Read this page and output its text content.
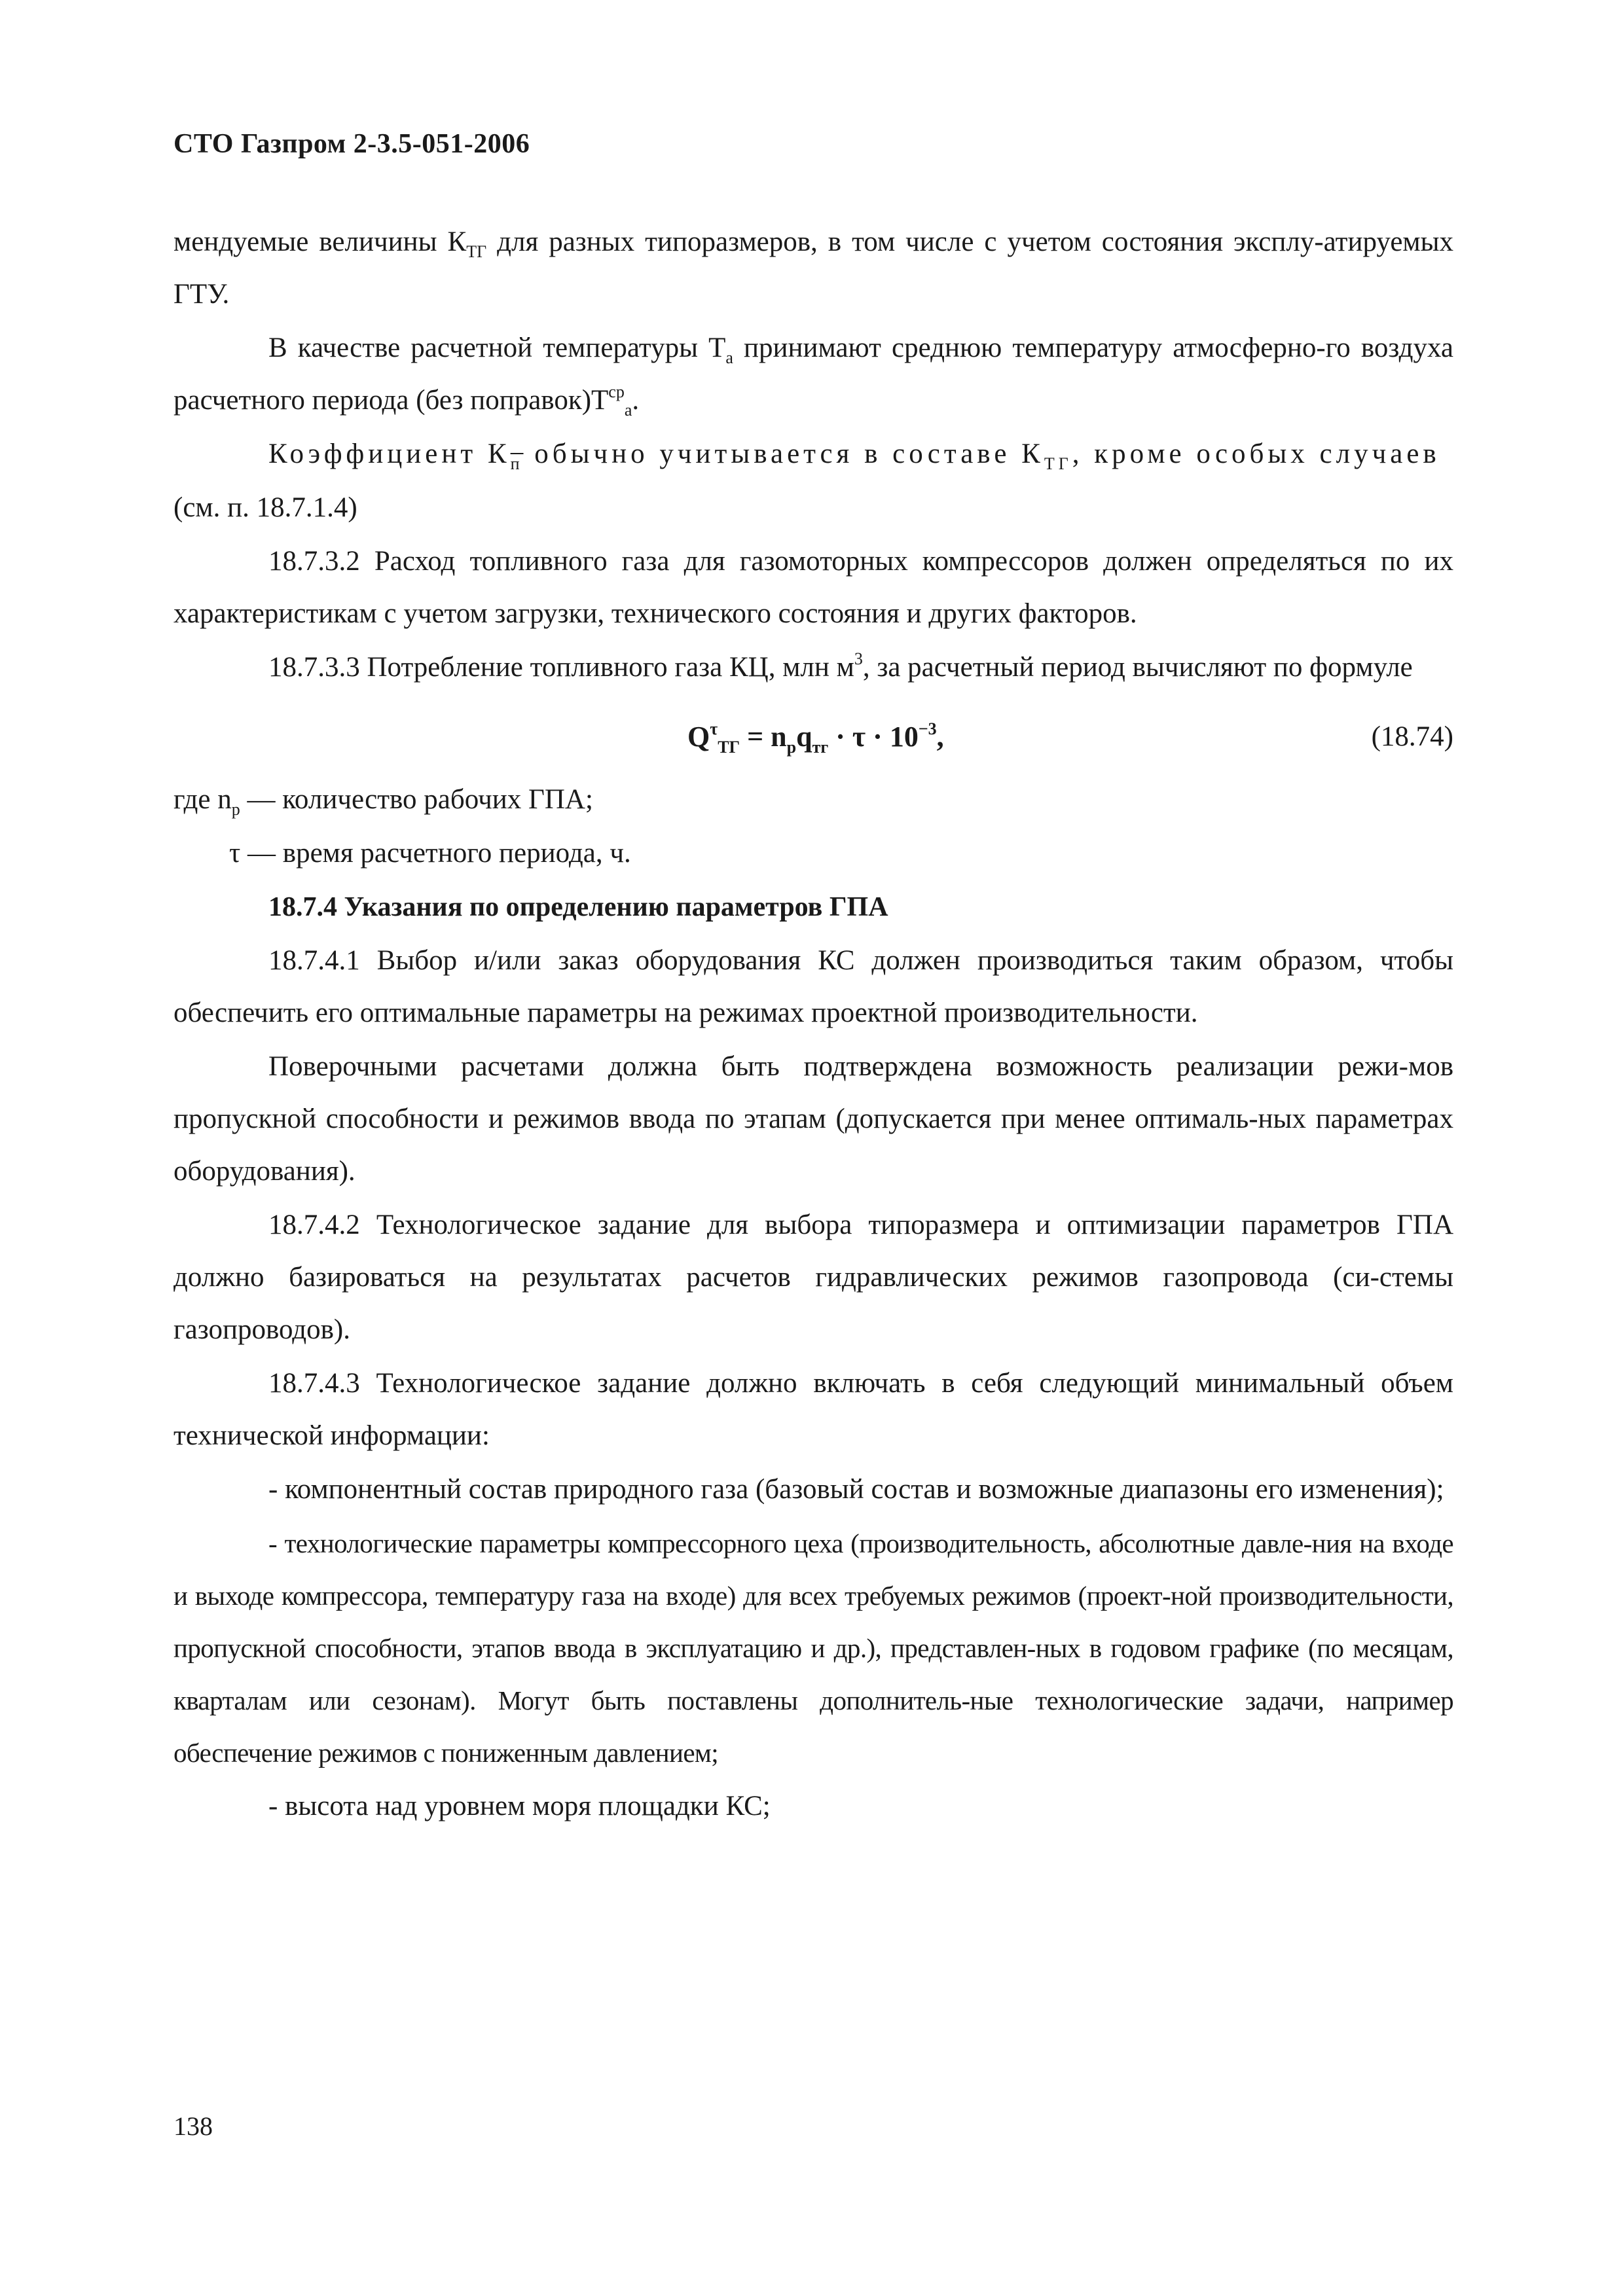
СТО Газпром 2-3.5-051-2006

мендуемые величины $К_{ТГ}$ для разных типоразмеров, в том числе с учетом состояния эксплу-атируемых ГТУ.

В качестве расчетной температуры $Т_а$ принимают среднюю температуру атмосферно-го воздуха расчетного периода (без $поправок)Т^{ср}_а$.

Коэффициент $К_п$ обычно учитывается в составе $К_{ТГ}$, кроме особых случаев

(см. п. 18.7.1.4)

18.7.3.2 Расход топливного газа для газомоторных компрессоров должен определяться по их характеристикам с учетом загрузки, технического состояния и других факторов.

18.7.3.3 Потребление топливного газа КЦ, млн $м^3$, за расчетный период вычисляют по формуле

$Q^\tau_{ТГ} = n_рq_{тг} \cdot \tau \cdot 10^{-3}$,	(18.74)

где $n_р$ — количество рабочих ГПА;

τ — время расчетного периода, ч.

18.7.4 Указания по определению параметров ГПА

18.7.4.1 Выбор и/или заказ оборудования КС должен производиться таким образом, чтобы обеспечить его оптимальные параметры на режимах проектной производительности.

Поверочными расчетами должна быть подтверждена возможность реализации режи-мов пропускной способности и режимов ввода по этапам (допускается при менее оптималь-ных параметрах оборудования).

18.7.4.2 Технологическое задание для выбора типоразмера и оптимизации параметров ГПА должно базироваться на результатах расчетов гидравлических режимов газопровода (си-стемы газопроводов).

18.7.4.3 Технологическое задание должно включать в себя следующий минимальный объем технической информации:

- компонентный состав природного газа (базовый состав и возможные диапазоны его изменения);

- технологические параметры компрессорного цеха (производительность, абсолютные давле-ния на входе и выходе компрессора, температуру газа на входе) для всех требуемых режимов (проект-ной производительности, пропускной способности, этапов ввода в эксплуатацию и др.), представлен-ных в годовом графике (по месяцам, кварталам или сезонам). Могут быть поставлены дополнитель-ные технологические задачи, например обеспечение режимов с пониженным давлением;

- высота над уровнем моря площадки КС;

138
